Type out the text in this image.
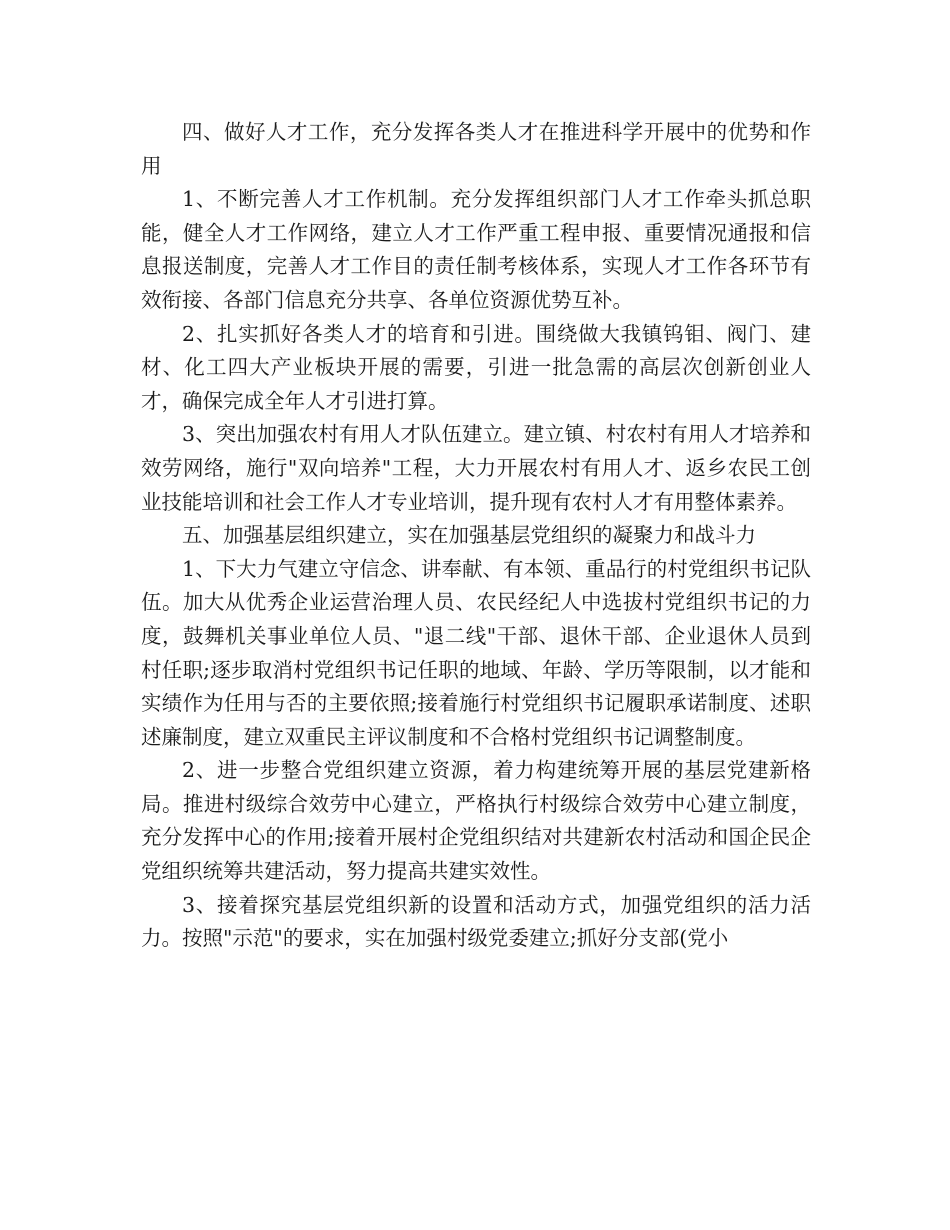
四、做好人才工作，充分发挥各类人才在推进科学开展中的优势和作用

1、不断完善人才工作机制。充分发挥组织部门人才工作牵头抓总职能，健全人才工作网络，建立人才工作严重工程申报、重要情况通报和信息报送制度，完善人才工作目的责任制考核体系，实现人才工作各环节有效衔接、各部门信息充分共享、各单位资源优势互补。

2、扎实抓好各类人才的培育和引进。围绕做大我镇钨钼、阀门、建材、化工四大产业板块开展的需要，引进一批急需的高层次创新创业人才，确保完成全年人才引进打算。

3、突出加强农村有用人才队伍建立。建立镇、村农村有用人才培养和效劳网络，施行"双向培养"工程，大力开展农村有用人才、返乡农民工创业技能培训和社会工作人才专业培训，提升现有农村人才有用整体素养。

五、加强基层组织建立，实在加强基层党组织的凝聚力和战斗力

1、下大力气建立守信念、讲奉献、有本领、重品行的村党组织书记队伍。加大从优秀企业运营治理人员、农民经纪人中选拔村党组织书记的力度，鼓舞机关事业单位人员、"退二线"干部、退休干部、企业退休人员到村任职;逐步取消村党组织书记任职的地域、年龄、学历等限制，以才能和实绩作为任用与否的主要依照;接着施行村党组织书记履职承诺制度、述职述廉制度，建立双重民主评议制度和不合格村党组织书记调整制度。

2、进一步整合党组织建立资源，着力构建统筹开展的基层党建新格局。推进村级综合效劳中心建立，严格执行村级综合效劳中心建立制度，充分发挥中心的作用;接着开展村企党组织结对共建新农村活动和国企民企党组织统筹共建活动，努力提高共建实效性。

3、接着探究基层党组织新的设置和活动方式，加强党组织的活力活力。按照"示范"的要求，实在加强村级党委建立;抓好分支部(党小
